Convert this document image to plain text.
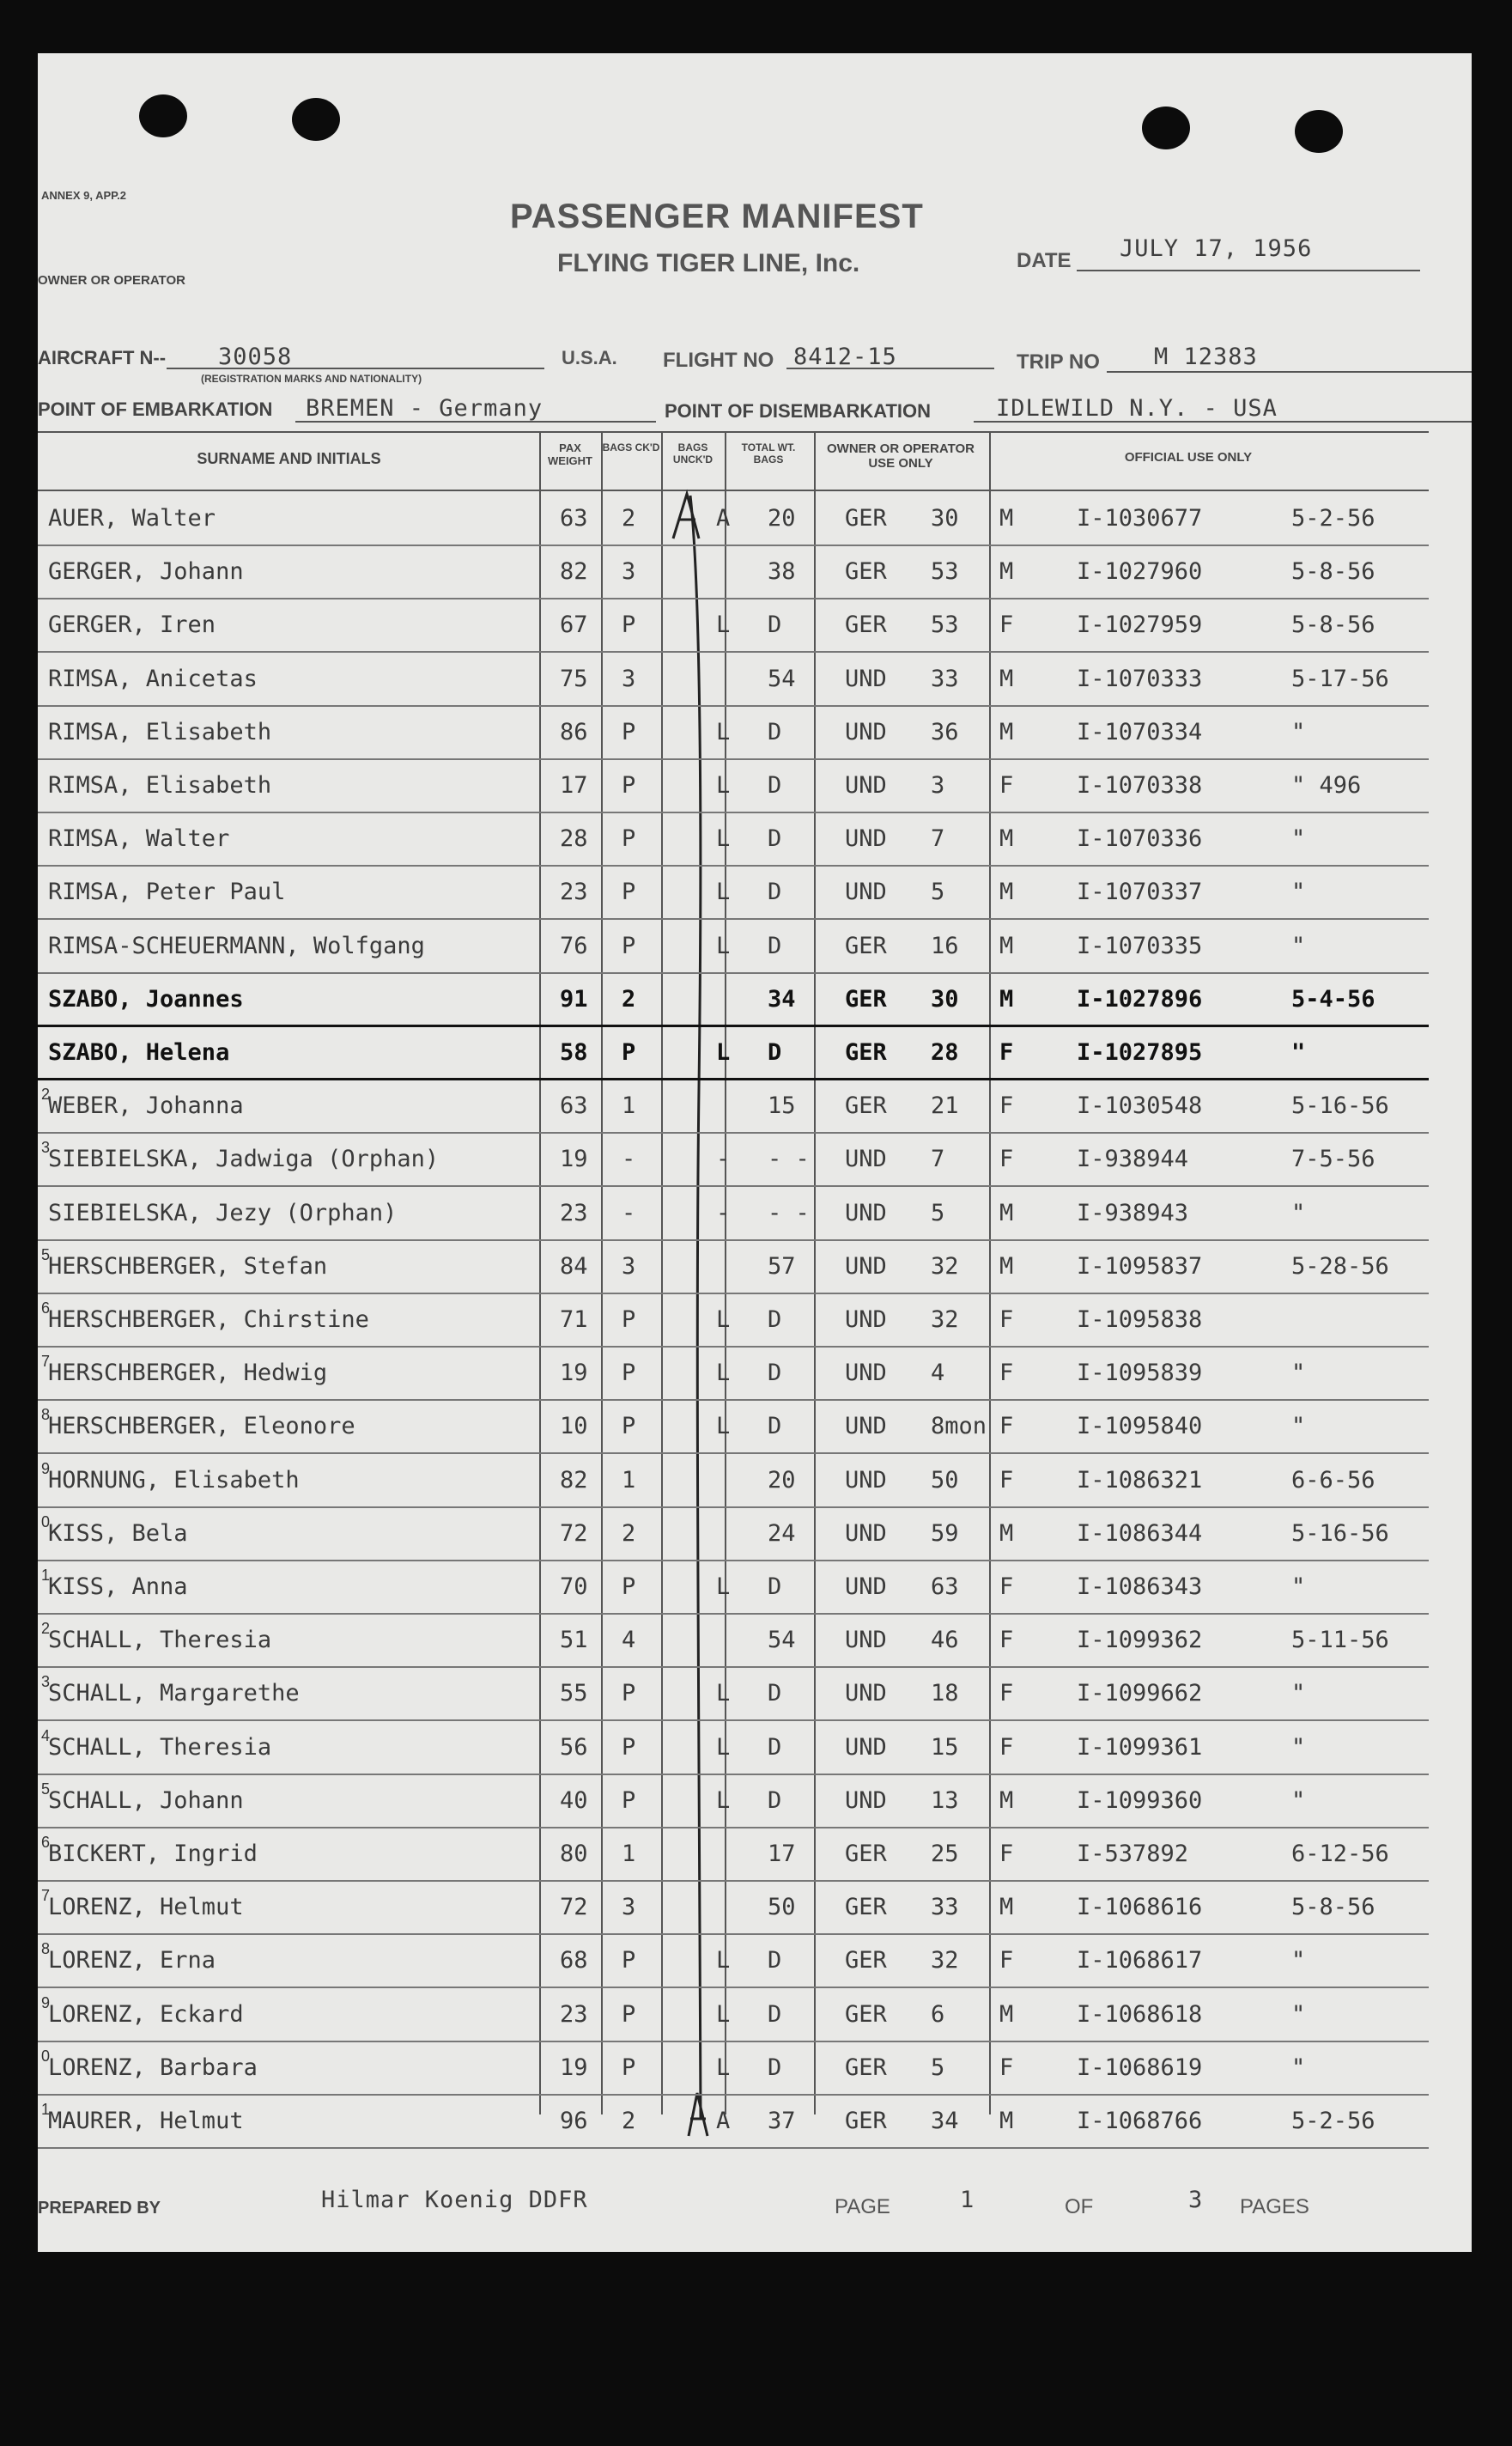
ANNEX 9, APP.2
PASSENGER MANIFEST
FLYING TIGER LINE, Inc.
OWNER OR OPERATOR
DATE JULY 17, 1956
AIRCRAFT N-- 30058
(REGISTRATION MARKS AND NATIONALITY)
U.S.A. FLIGHT NO 8412-15	TRIP NO M 12383
POINT OF EMBARKATION BREMEN - Germany	POINT OF DISEMBARKATION	IDLEWILD N.Y. - USA
SURNAME AND INITIALS
PAX WEIGHT
BAGS CK'D	BAGS UNCK'D
TOTAL WT. BAGS
OWNER OR OPERATOR USE ONLY	OFFICIAL USE ONLY
AUER, Walter	63 2	A 20 GER 30 M	I-1030677	5-2-56
GERGER, Johann	82 3	38 GER 53 M	I-1027960	5-8-56
GERGER, Iren	67 P	L D	GER 53 F	I-1027959	5-8-56
RIMSA, Anicetas	75 3	54 UND 33 M	I-1070333	5-17-56
RIMSA, Elisabeth	86 P	L D	UND 36 M	I-1070334	"
RIMSA, Elisabeth	17 P	L D	UND 3 F	I-1070338	" 496
RIMSA, Walter	28 P	L D	UND 7 M	I-1070336	"
RIMSA, Peter Paul	23 P	L D	UND 5 M	I-1070337	"
RIMSA-SCHEUERMANN, Wolfgang	76 P	L D	GER 16 M	I-1070335	"
SZABO, Joannes	91 2	34 GER 30 M	I-1027896	5-4-56
SZABO, Helena	58 P	L D	GER 28 F	I-1027895	"
2
WEBER, Johanna	63 1	15 GER 21 F	I-1030548	5-16-56
3
SIEBIELSKA, Jadwiga (Orphan)	19 -	- - - UND 7 F	I-938944	7-5-56
SIEBIELSKA, Jezy (Orphan)	23 -	- - - UND 5 M	I-938943	"
5
HERSCHBERGER, Stefan	84 3	57 UND 32 M	I-1095837	5-28-56
6
HERSCHBERGER, Chirstine	71 P	L D	UND 32 F	I-1095838
7
HERSCHBERGER, Hedwig	19 P	L D	UND 4 F	I-1095839	"
8
HERSCHBERGER, Eleonore	10 P	L D	UND 8mon F	I-1095840	"
9
HORNUNG, Elisabeth	82 1	20 UND 50 F	I-1086321	6-6-56
0
KISS, Bela	72 2	24 UND 59 M	I-1086344	5-16-56
1
KISS, Anna	70 P	L D	UND 63 F	I-1086343	"
2
SCHALL, Theresia	51 4	54 UND 46 F	I-1099362	5-11-56
3
SCHALL, Margarethe	55 P	L D	UND 18 F	I-1099662	"
4
SCHALL, Theresia	56 P	L D	UND 15 F	I-1099361	"
5
SCHALL, Johann	40 P	L D	UND 13 M	I-1099360	"
6
BICKERT, Ingrid	80 1	17 GER 25 F	I-537892	6-12-56
7
LORENZ, Helmut	72 3	50 GER 33 M	I-1068616	5-8-56
8
LORENZ, Erna	68 P	L D	GER 32 F	I-1068617	"
9
LORENZ, Eckard	23 P	L D	GER 6 M	I-1068618	"
0
LORENZ, Barbara	19 P	L D	GER 5 F	I-1068619	"
1
MAURER, Helmut	96 2	A 37 GER 34 M	I-1068766	5-2-56
PREPARED BY	Hilmar Koenig DDFR	PAGE	1	OF	3 PAGES
